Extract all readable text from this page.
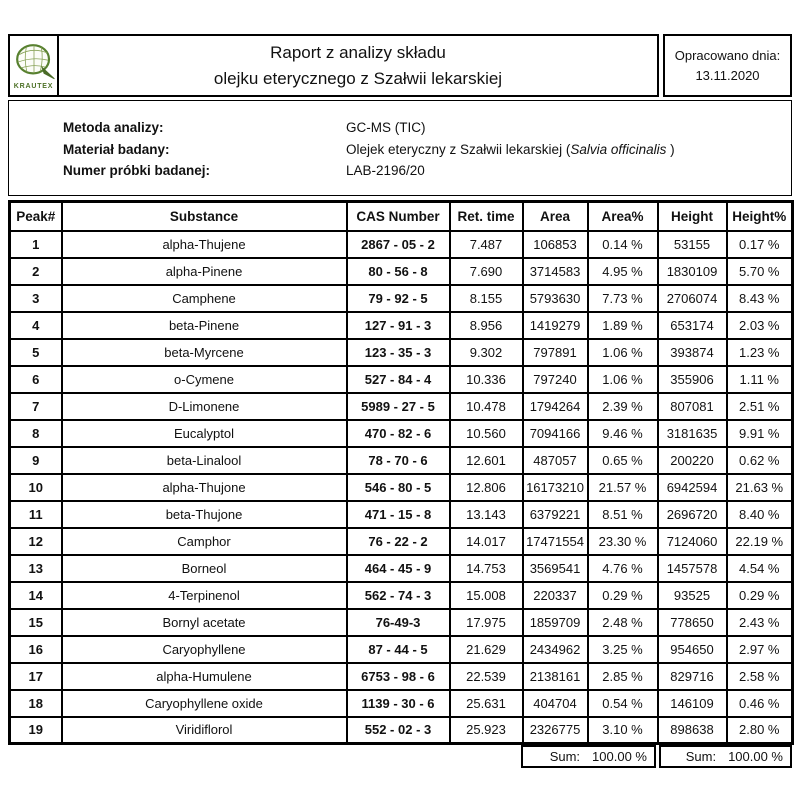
KRAUTEX
Raport z analizy składu
olejku eterycznego z Szałwii lekarskiej
Opracowano dnia:
13.11.2020
Metoda analizy:	GC-MS (TIC)
Materiał badany:	Olejek eteryczny z Szałwii lekarskiej (Salvia officinalis )
Numer próbki badanej:	LAB-2196/20
Peak#	Substance	CAS Number	Ret. time	Area	Area%	Height	Height%
1	alpha-Thujene	2867 - 05 - 2	7.487	106853	0.14 %	53155	0.17 %
2	alpha-Pinene	80 - 56 - 8	7.690	3714583	4.95 %	1830109	5.70 %
3	Camphene	79 - 92 - 5	8.155	5793630	7.73 %	2706074	8.43 %
4	beta-Pinene	127 - 91 - 3	8.956	1419279	1.89 %	653174	2.03 %
5	beta-Myrcene	123 - 35 - 3	9.302	797891	1.06 %	393874	1.23 %
6	o-Cymene	527 - 84 - 4	10.336	797240	1.06 %	355906	1.11 %
7	D-Limonene	5989 - 27 - 5	10.478	1794264	2.39 %	807081	2.51 %
8	Eucalyptol	470 - 82 - 6	10.560	7094166	9.46 %	3181635	9.91 %
9	beta-Linalool	78 - 70 - 6	12.601	487057	0.65 %	200220	0.62 %
10	alpha-Thujone	546 - 80 - 5	12.806	16173210	21.57 %	6942594	21.63 %
11	beta-Thujone	471 - 15 - 8	13.143	6379221	8.51 %	2696720	8.40 %
12	Camphor	76 - 22 - 2	14.017	17471554	23.30 %	7124060	22.19 %
13	Borneol	464 - 45 - 9	14.753	3569541	4.76 %	1457578	4.54 %
14	4-Terpinenol	562 - 74 - 3	15.008	220337	0.29 %	93525	0.29 %
15	Bornyl acetate	76-49-3	17.975	1859709	2.48 %	778650	2.43 %
16	Caryophyllene	87 - 44 - 5	21.629	2434962	3.25 %	954650	2.97 %
17	alpha-Humulene	6753 - 98 - 6	22.539	2138161	2.85 %	829716	2.58 %
18	Caryophyllene oxide	1139 - 30 - 6	25.631	404704	0.54 %	146109	0.46 %
19	Viridiflorol	552 - 02 - 3	25.923	2326775	3.10 %	898638	2.80 %
Sum: 100.00 %	Sum: 100.00 %
